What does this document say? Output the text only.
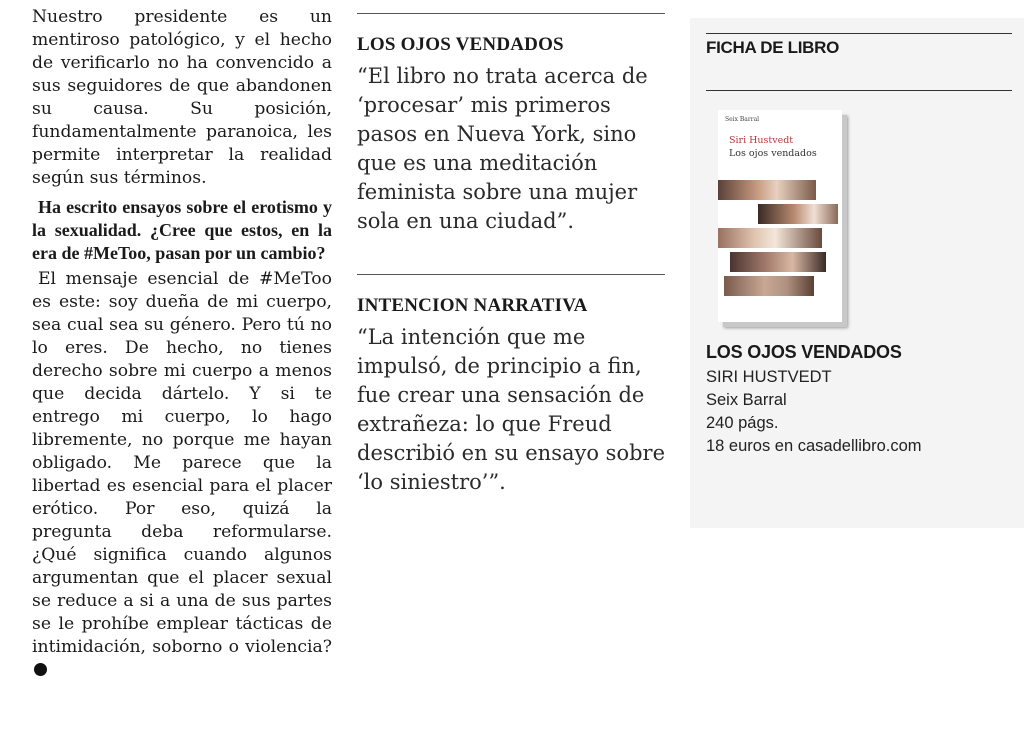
Nuestro presidente es un mentiroso patológico, y el hecho de verificarlo no ha convencido a sus seguidores de que abandonen su causa. Su posición, fundamentalmente paranoica, les permite interpretar la realidad según sus términos.

Ha escrito ensayos sobre el erotismo y la sexualidad. ¿Cree que estos, en la era de #MeToo, pasan por un cambio?

El mensaje esencial de #MeToo es este: soy dueña de mi cuerpo, sea cual sea su género. Pero tú no lo eres. De hecho, no tienes derecho sobre mi cuerpo a menos que decida dártelo. Y si te entrego mi cuerpo, lo hago libremente, no porque me hayan obligado. Me parece que la libertad es esencial para el placer erótico. Por eso, quizá la pregunta deba reformularse. ¿Qué significa cuando algunos argumentan que el placer sexual se reduce a si a una de sus partes se le prohíbe emplear tácticas de intimidación, soborno o violencia?

LOS OJOS VENDADOS

“El libro no trata acerca de ‘procesar’ mis primeros pasos en Nueva York, sino que es una meditación feminista sobre una mujer sola en una ciudad”.

INTENCION NARRATIVA

“La intención que me impulsó, de principio a fin, fue crear una sensación de extrañeza: lo que Freud describió en su ensayo sobre ‘lo siniestro’”.

FICHA DE LIBRO
Seix Barral
Siri Hustvedt
Los ojos vendados
LOS OJOS VENDADOS
SIRI HUSTVEDT
Seix Barral
240 págs.
18 euros en casadellibro.com
